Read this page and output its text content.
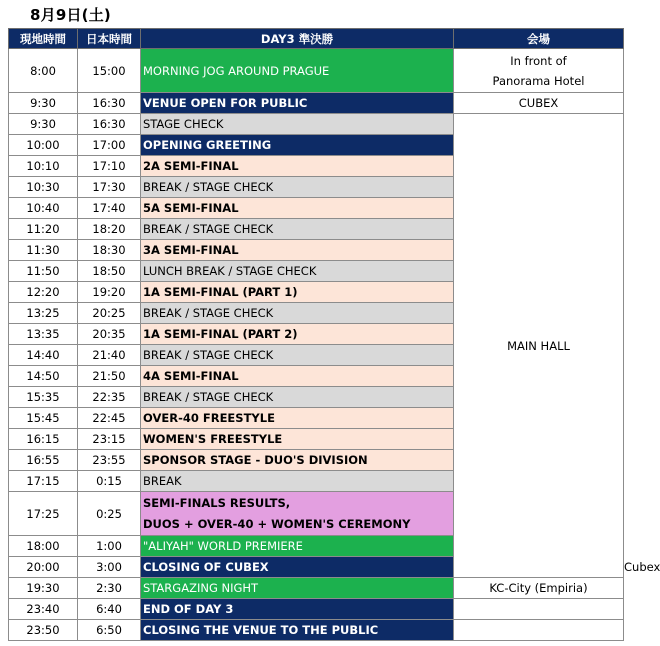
8月9日(土)
現地時間	日本時間	DAY3 準決勝	会場	
8:00	15:00	MORNING JOG AROUND PRAGUE	In front of
Panorama Hotel	

9:30	16:30	VENUE OPEN FOR PUBLIC	CUBEX	

9:30	16:30	STAGE CHECK	MAIN HALL	

10:00	17:00	OPENING GREETING		
10:10	17:10	2A SEMI-FINAL		
10:30	17:30	BREAK / STAGE CHECK		
10:40	17:40	5A SEMI-FINAL		
11:20	18:20	BREAK / STAGE CHECK		
11:30	18:30	3A SEMI-FINAL		
11:50	18:50	LUNCH BREAK / STAGE CHECK		
12:20	19:20	1A SEMI-FINAL (PART 1)		
13:25	20:25	BREAK / STAGE CHECK		
13:35	20:35	1A SEMI-FINAL (PART 2)		
14:40	21:40	BREAK / STAGE CHECK		
14:50	21:50	4A SEMI-FINAL		
15:35	22:35	BREAK / STAGE CHECK		
15:45	22:45	OVER-40 FREESTYLE		
16:15	23:15	WOMEN'S FREESTYLE		
16:55	23:55	SPONSOR STAGE - DUO'S DIVISION		
17:15	0:15	BREAK		
17:25	0:25	SEMI-FINALS RESULTS,
DUOS + OVER-40 + WOMEN'S CEREMONY		

18:00	1:00	"ALIYAH" WORLD PREMIERE		
20:00	3:00	CLOSING OF CUBEX		Cubex

19:30	2:30	STARGAZING NIGHT	KC-City (Empiria)	

23:40	6:40	END OF DAY 3		

23:50	6:50	CLOSING THE VENUE TO THE PUBLIC		
